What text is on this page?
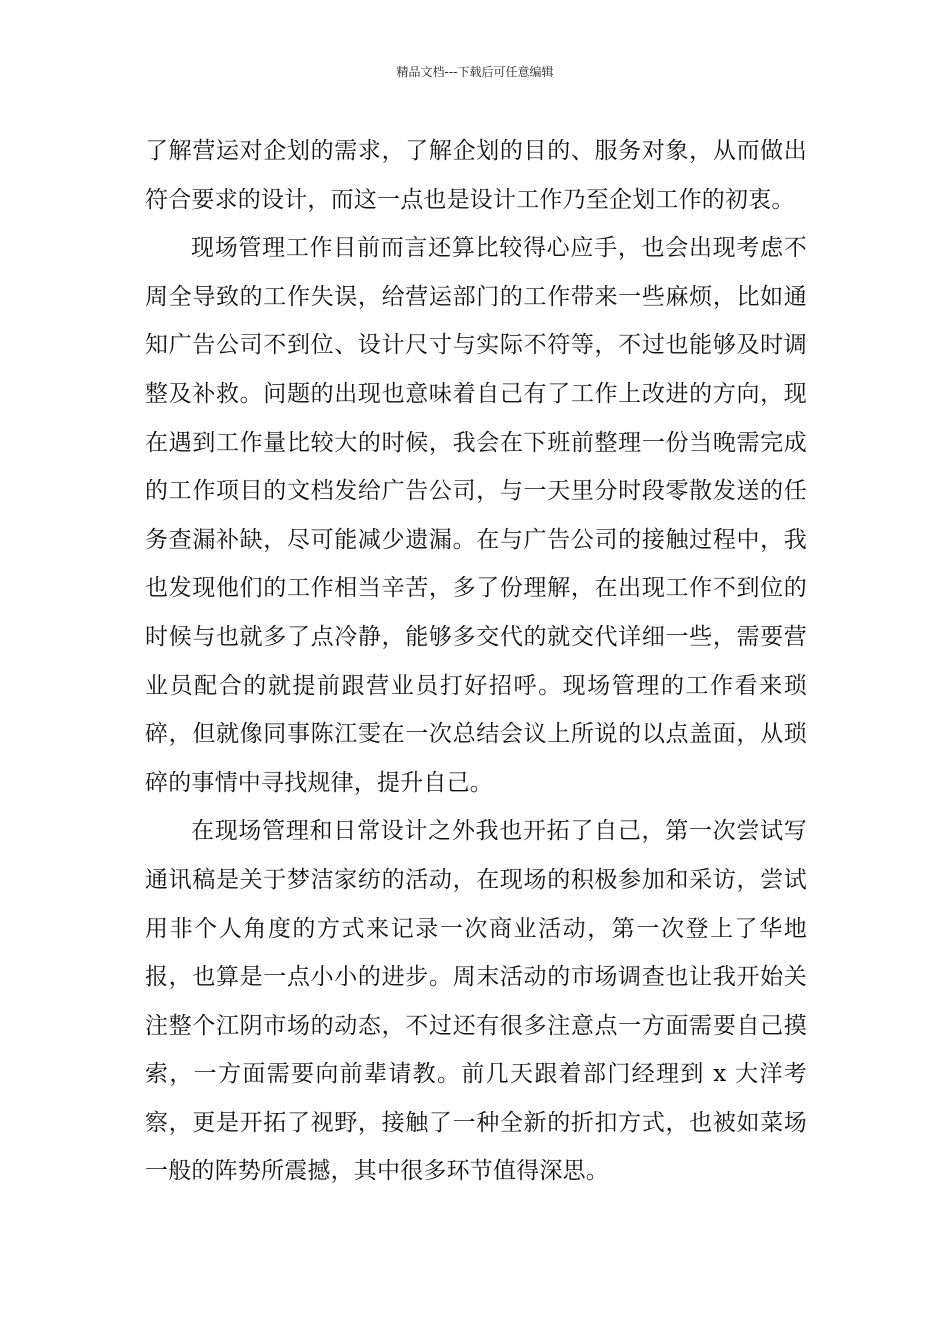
精品文档---下载后可任意编辑

了解营运对企划的需求，了解企划的目的、服务对象，从而做出符合要求的设计，而这一点也是设计工作乃至企划工作的初衷。

现场管理工作目前而言还算比较得心应手，也会出现考虑不周全导致的工作失误，给营运部门的工作带来一些麻烦，比如通知广告公司不到位、设计尺寸与实际不符等，不过也能够及时调整及补救。问题的出现也意味着自己有了工作上改进的方向，现在遇到工作量比较大的时候，我会在下班前整理一份当晚需完成的工作项目的文档发给广告公司，与一天里分时段零散发送的任务查漏补缺，尽可能减少遗漏。在与广告公司的接触过程中，我也发现他们的工作相当辛苦，多了份理解，在出现工作不到位的时候与也就多了点冷静，能够多交代的就交代详细一些，需要营业员配合的就提前跟营业员打好招呼。现场管理的工作看来琐碎，但就像同事陈江雯在一次总结会议上所说的以点盖面，从琐碎的事情中寻找规律，提升自己。

在现场管理和日常设计之外我也开拓了自己，第一次尝试写通讯稿是关于梦洁家纺的活动，在现场的积极参加和采访，尝试用非个人角度的方式来记录一次商业活动，第一次登上了华地报，也算是一点小小的进步。周末活动的市场调查也让我开始关注整个江阴市场的动态，不过还有很多注意点一方面需要自己摸索，一方面需要向前辈请教。前几天跟着部门经理到 x 大洋考察，更是开拓了视野，接触了一种全新的折扣方式，也被如菜场一般的阵势所震撼，其中很多环节值得深思。
